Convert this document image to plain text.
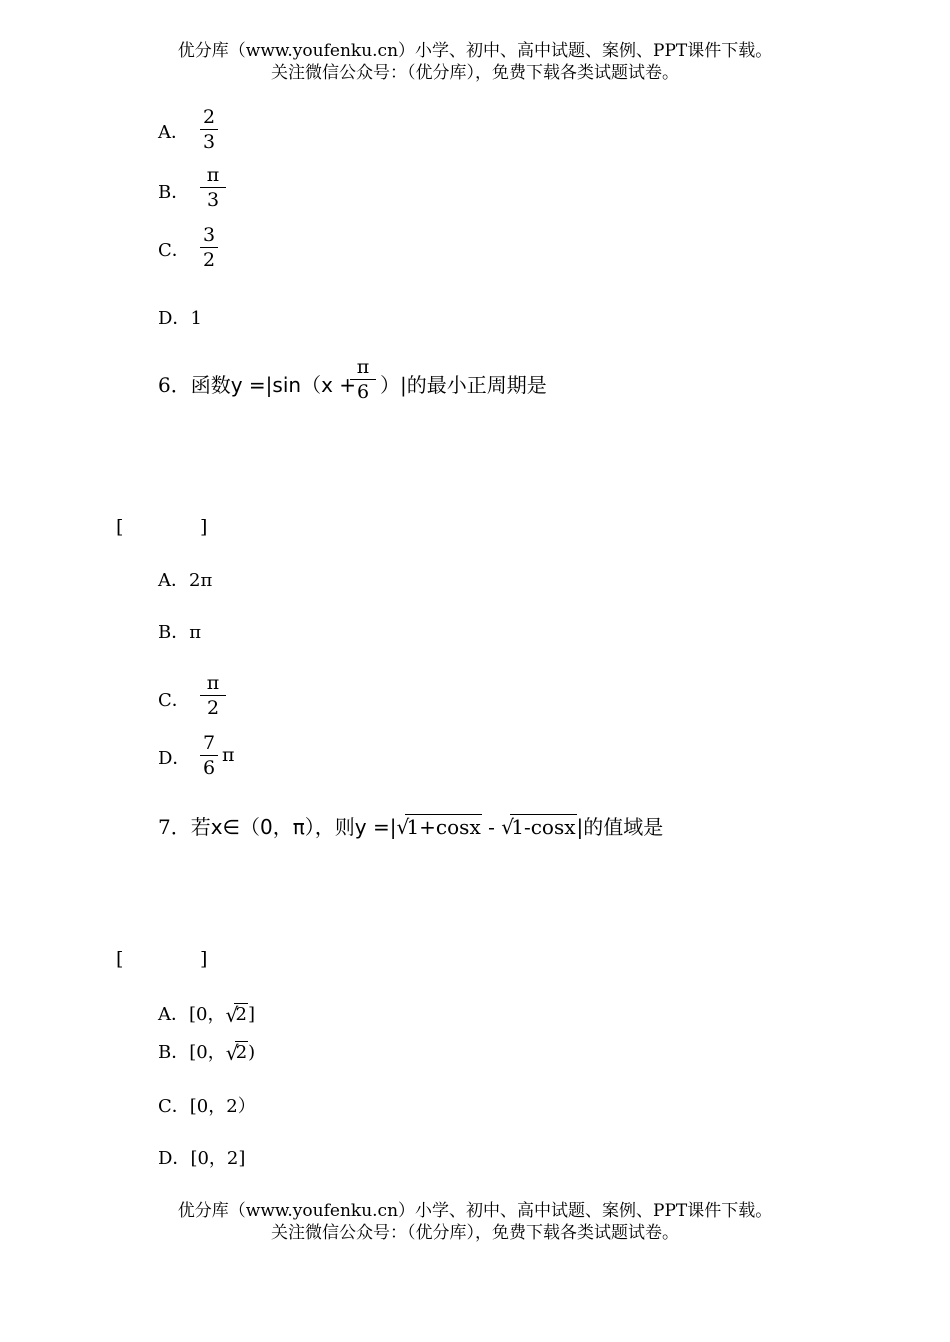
优分库（www.youfenku.cn）小学、初中、高中试题、案例、PPT课件下载。
关注微信公众号：（优分库），免费下载各类试题试卷。
A．
2
3
B．
π
3
C．
3
2
D．1
6．函数y =|sin（x +
π
6 ）|的最小正周期是
[	]
A．2π
B．π
C．
π
2
D．
7
6
π
7．若x∈（0，π），则y =| √
1+cosx - √
1-cosx|的值域是
[	]
A．[0， √
2]
B．[0， √
2)
C．[0，2）
D．[0，2]
优分库（www.youfenku.cn）小学、初中、高中试题、案例、PPT课件下载。
关注微信公众号：（优分库），免费下载各类试题试卷。
